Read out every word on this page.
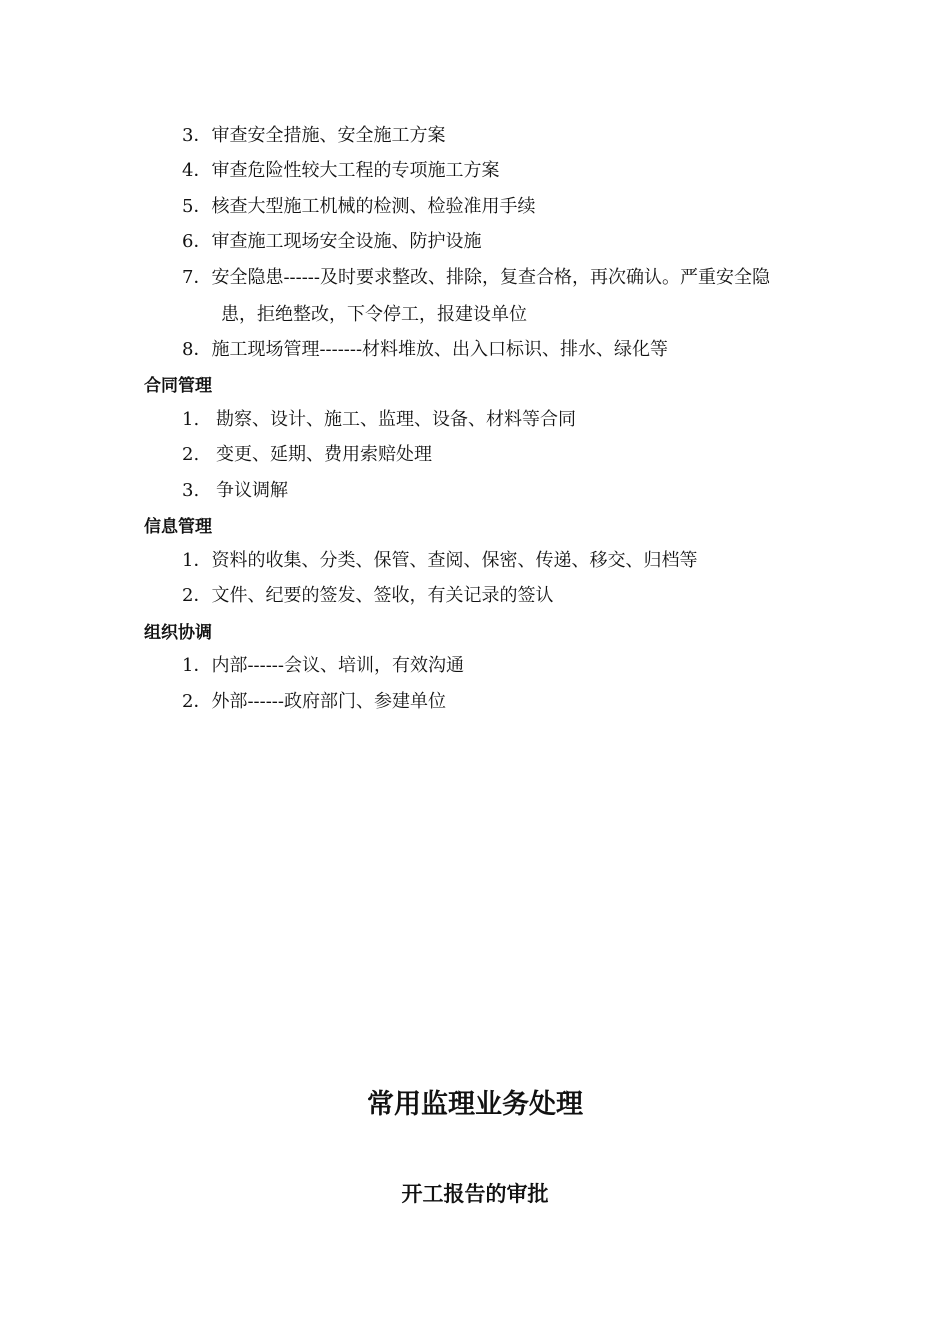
3．审查安全措施、安全施工方案
4．审查危险性较大工程的专项施工方案
5．核查大型施工机械的检测、检验准用手续
6．审查施工现场安全设施、防护设施
7．安全隐患------及时要求整改、排除，复查合格，再次确认。严重安全隐
患，拒绝整改，下令停工，报建设单位
8．施工现场管理-------材料堆放、出入口标识、排水、绿化等
合同管理
1. 勘察、设计、施工、监理、设备、材料等合同
2. 变更、延期、费用索赔处理
3. 争议调解
信息管理
1．资料的收集、分类、保管、查阅、保密、传递、移交、归档等
2．文件、纪要的签发、签收，有关记录的签认
组织协调
1．内部------会议、培训，有效沟通
2．外部------政府部门、参建单位
常用监理业务处理
开工报告的审批
